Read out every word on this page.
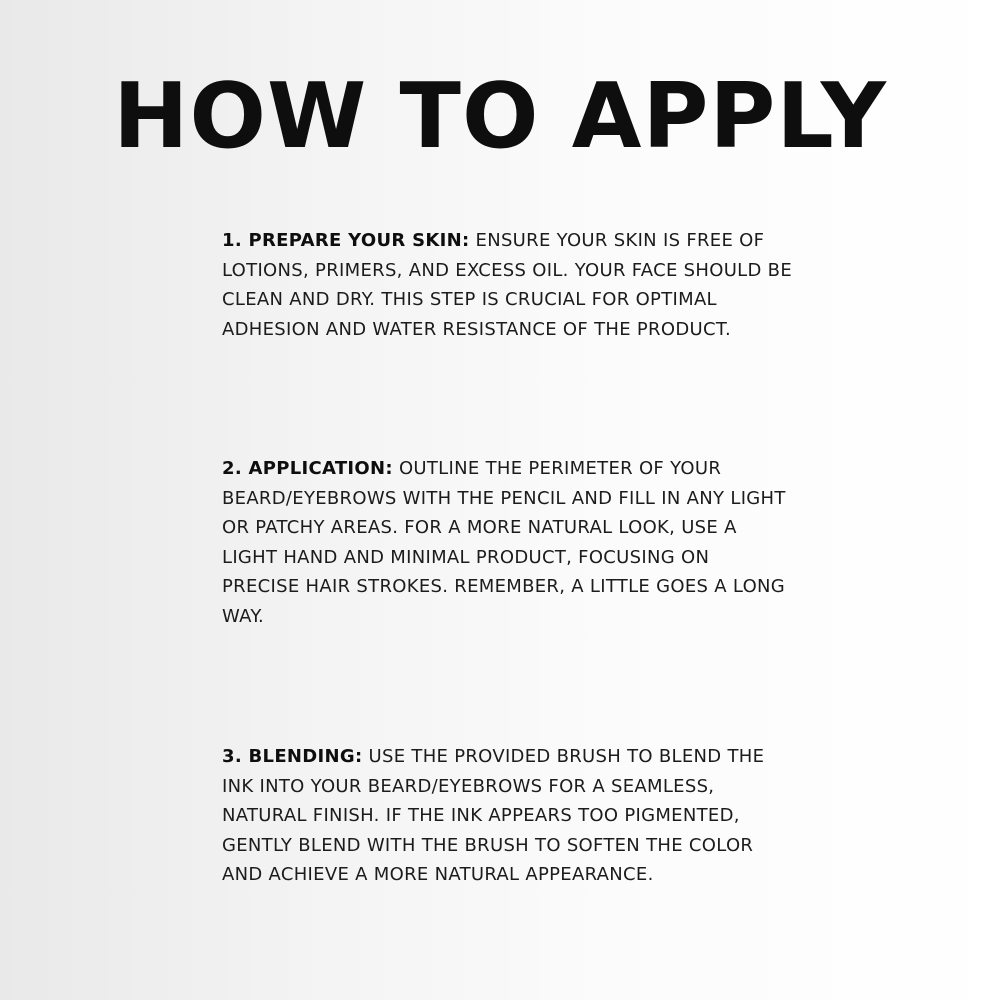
HOW TO APPLY

1. PREPARE YOUR SKIN: ENSURE YOUR SKIN IS FREE OF LOTIONS, PRIMERS, AND EXCESS OIL. YOUR FACE SHOULD BE CLEAN AND DRY. THIS STEP IS CRUCIAL FOR OPTIMAL ADHESION AND WATER RESISTANCE OF THE PRODUCT.

2. APPLICATION: OUTLINE THE PERIMETER OF YOUR BEARD/EYEBROWS WITH THE PENCIL AND FILL IN ANY LIGHT OR PATCHY AREAS. FOR A MORE NATURAL LOOK, USE A LIGHT HAND AND MINIMAL PRODUCT, FOCUSING ON PRECISE HAIR STROKES. REMEMBER, A LITTLE GOES A LONG WAY.

3. BLENDING: USE THE PROVIDED BRUSH TO BLEND THE INK INTO YOUR BEARD/EYEBROWS FOR A SEAMLESS, NATURAL FINISH. IF THE INK APPEARS TOO PIGMENTED, GENTLY BLEND WITH THE BRUSH TO SOFTEN THE COLOR AND ACHIEVE A MORE NATURAL APPEARANCE.
